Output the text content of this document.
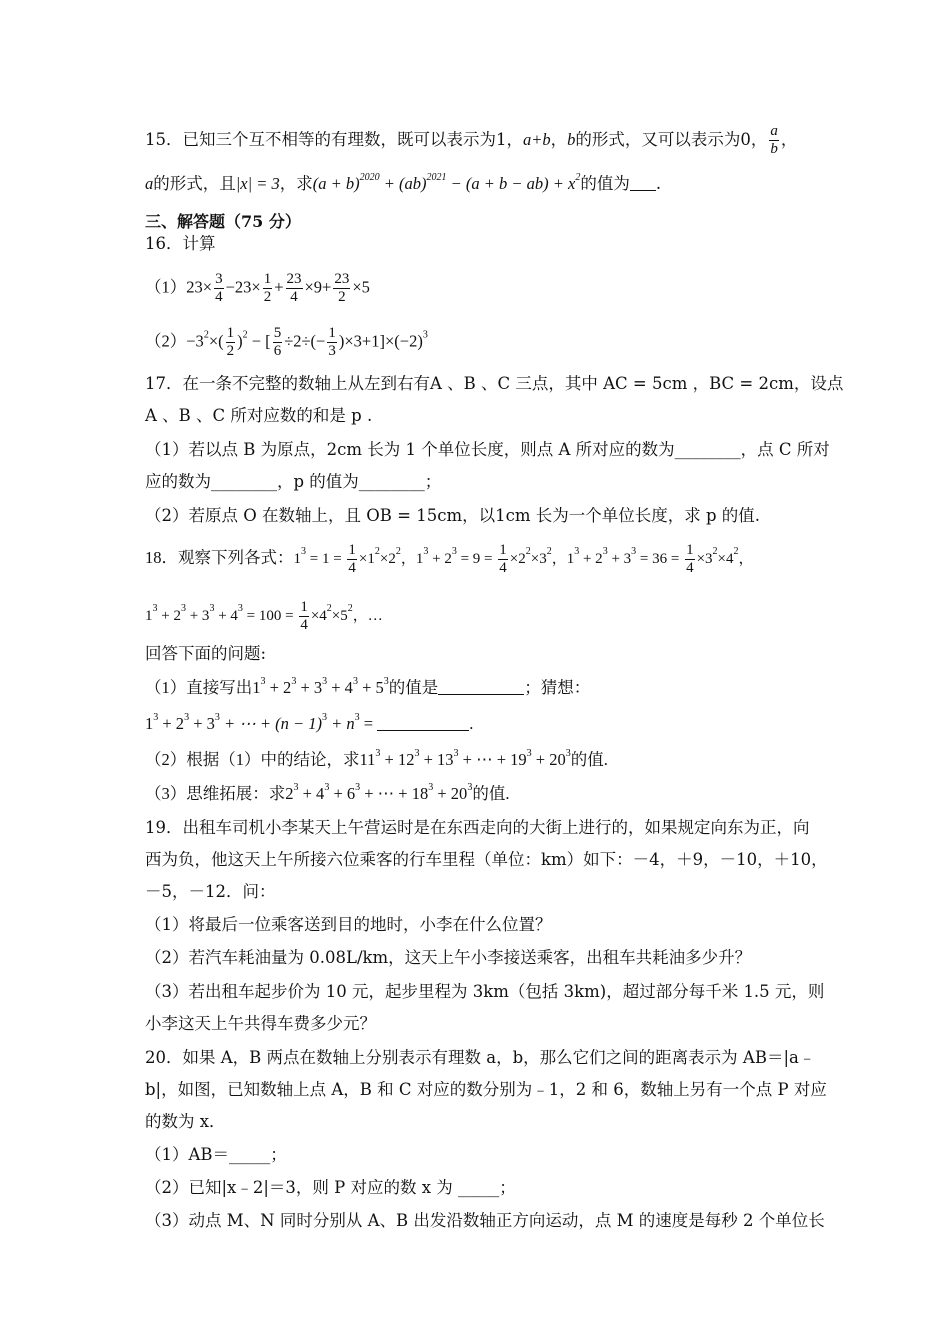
15．已知三个互不相等的有理数，既可以表示为1，a+b，b的形式，又可以表示为0， $\frac{a}{b}$ ，
a的形式，且|x| = 3，求$(a + b)^{2020} + (ab)^{2021} - (a + b - ab) + x^2$的值为 .
三、解答题（75 分）
16．计算
$(1)23\times \frac{3}{4} -23\times \frac{1}{2} + \frac{23}{4} \times 9+ \frac{23}{2} \times 5$
$(2)-3^2\times( \frac{1}{2} )^2$ − [ $\frac{5}{6} \div 2\div(- \frac{1}{3} )\times 3+1]\times(-2)^3$
17．在一条不完整的数轴上从左到右有A 、B 、C 三点，其中 AC = 5cm ，BC = 2cm，设点
A 、B 、C 所对应数的和是 p .
（1）若以点 B 为原点，2cm 长为 1 个单位长度，则点 A 所对应的数为________，点 C 所对
应的数为________，p 的值为________；
（2）若原点 O 在数轴上，且 OB = 15cm，以1cm 长为一个单位长度，求 p 的值.
18．观察下列各式：$1^3 = 1 = \frac{1}{4} \times 1^2\times 2^2$，$1^3 + 2^3 = 9 = \frac{1}{4} \times 2^2\times 3^2$，$1^3 + 2^3 + 3^3 = 36 = \frac{1}{4} \times 3^2\times 4^2$，
$1^3 + 2^3 + 3^3 + 4^3 = 100 = \frac{1}{4} \times 4^2\times 5^2$，…
回答下面的问题:
（1）直接写出$1^3 + 2^3 + 3^3 + 4^3 + 5^3$的值是	；猜想：
$1^3 + 2^3 + 3^3$ + ⋯ + $(n - 1)^3 + n^3$ =	.
（2）根据（1）中的结论，求$11^3 + 12^3 + 13^3$ + ⋯ + $19^3 + 20^3$的值.
（3）思维拓展：求$2^3 + 4^3 + 6^3$ + ⋯ + $18^3 + 20^3$的值.
19．出租车司机小李某天上午营运时是在东西走向的大街上进行的，如果规定向东为正，向
西为负，他这天上午所接六位乘客的行车里程（单位：km）如下：－4，＋9，－10，＋10，
－5，－12．问：
（1）将最后一位乘客送到目的地时，小李在什么位置？
（2）若汽车耗油量为 0.08L/km，这天上午小李接送乘客，出租车共耗油多少升？
（3）若出租车起步价为 10 元，起步里程为 3km（包括 3km)，超过部分每千米 1.5 元，则
小李这天上午共得车费多少元？
20．如果 A，B 两点在数轴上分别表示有理数 a，b，那么它们之间的距离表示为 AB＝|a﹣
b|，如图，已知数轴上点 A，B 和 C 对应的数分别为﹣1，2 和 6，数轴上另有一个点 P 对应
的数为 x．
（1）AB＝_____；
（2）已知|x﹣2|＝3，则 P 对应的数 x 为 _____；
（3）动点 M、N 同时分别从 A、B 出发沿数轴正方向运动，点 M 的速度是每秒 2 个单位长
